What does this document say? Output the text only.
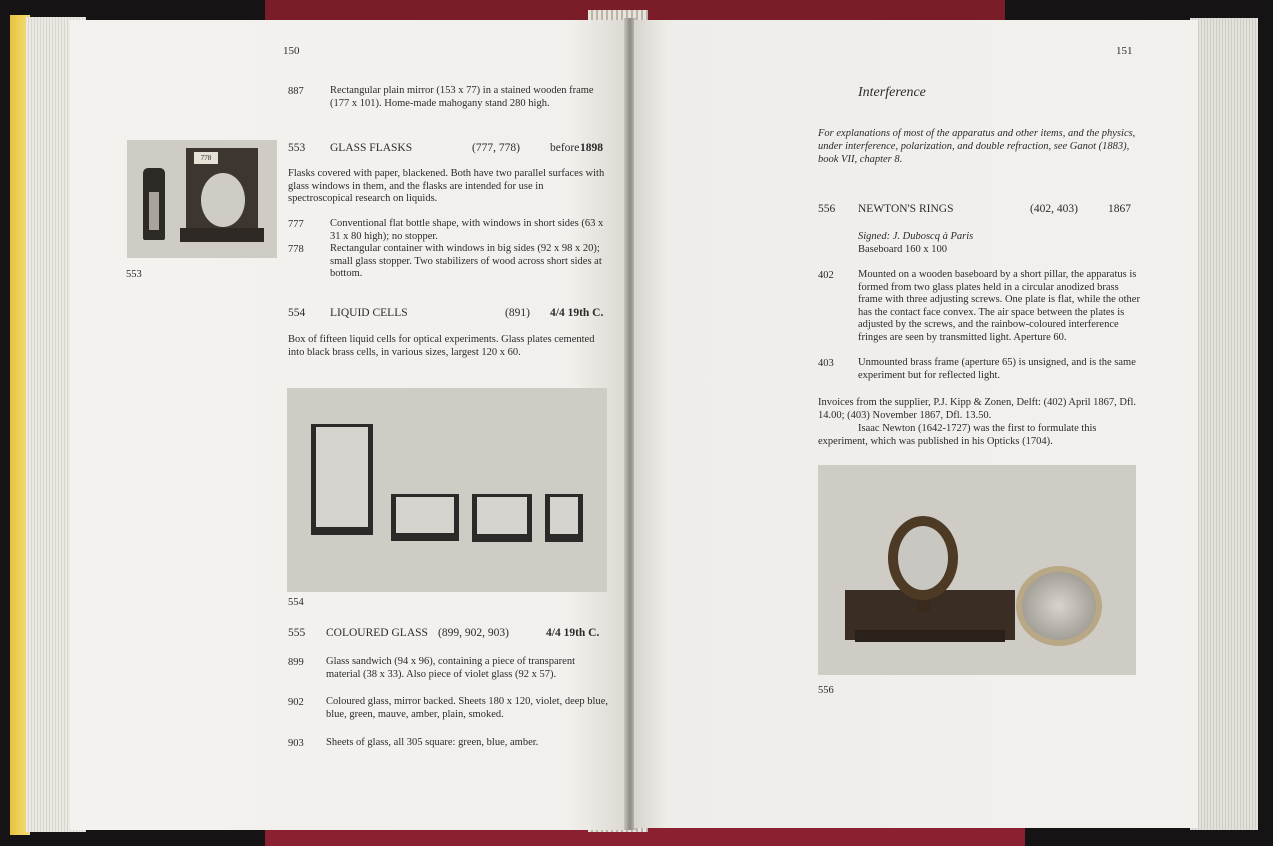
150
887	Rectangular plain mirror (153 x 77) in a stained wooden frame (177 x 101). Home-made mahogany stand 280 high.
778
553
553 GLASS FLASKS	(777, 778)	before 1898
Flasks covered with paper, blackened. Both have two parallel surfaces with glass windows in them, and the flasks are intended for use in spectroscopical research on liquids.
777	Conventional flat bottle shape, with windows in short sides (63 x 31 x 80 high); no stopper.
778	Rectangular container with windows in big sides (92 x 98 x 20); small glass stopper. Two stabilizers of wood across short sides at bottom.
554 LIQUID CELLS	(891) 4/4 19th C.
Box of fifteen liquid cells for optical experiments. Glass plates cemented into black brass cells, in various sizes, largest 120 x 60.
554
555 COLOURED GLASS (899, 902, 903)	4/4 19th C.
899 Glass sandwich (94 x 96), containing a piece of transparent material (38 x 33). Also piece of violet glass (92 x 57).
902 Coloured glass, mirror backed. Sheets 180 x 120, violet, deep blue, blue, green, mauve, amber, plain, smoked.
903 Sheets of glass, all 305 square: green, blue, amber.
151
Interference
For explanations of most of the apparatus and other items, and the physics,
under interference, polarization, and double refraction, see Ganot (1883),
book VII, chapter 8.
556 NEWTON'S RINGS	(402, 403)	1867
Signed: J. Duboscq à Paris
Baseboard 160 x 100
402 Mounted on a wooden baseboard by a short pillar, the apparatus is formed from two glass plates held in a circular anodized brass frame with three adjusting screws. One plate is flat, while the other has the contact face convex. The air space between the plates is adjusted by the screws, and the rainbow-coloured interference fringes are seen by transmitted light. Aperture 60.
403 Unmounted brass frame (aperture 65) is unsigned, and is the same experiment but for reflected light.
Invoices from the supplier, P.J. Kipp & Zonen, Delft: (402) April 1867, Dfl. 14.00; (403) November 1867, Dfl. 13.50.
Isaac Newton (1642-1727) was the first to formulate this experiment, which was published in his Opticks (1704).
556
